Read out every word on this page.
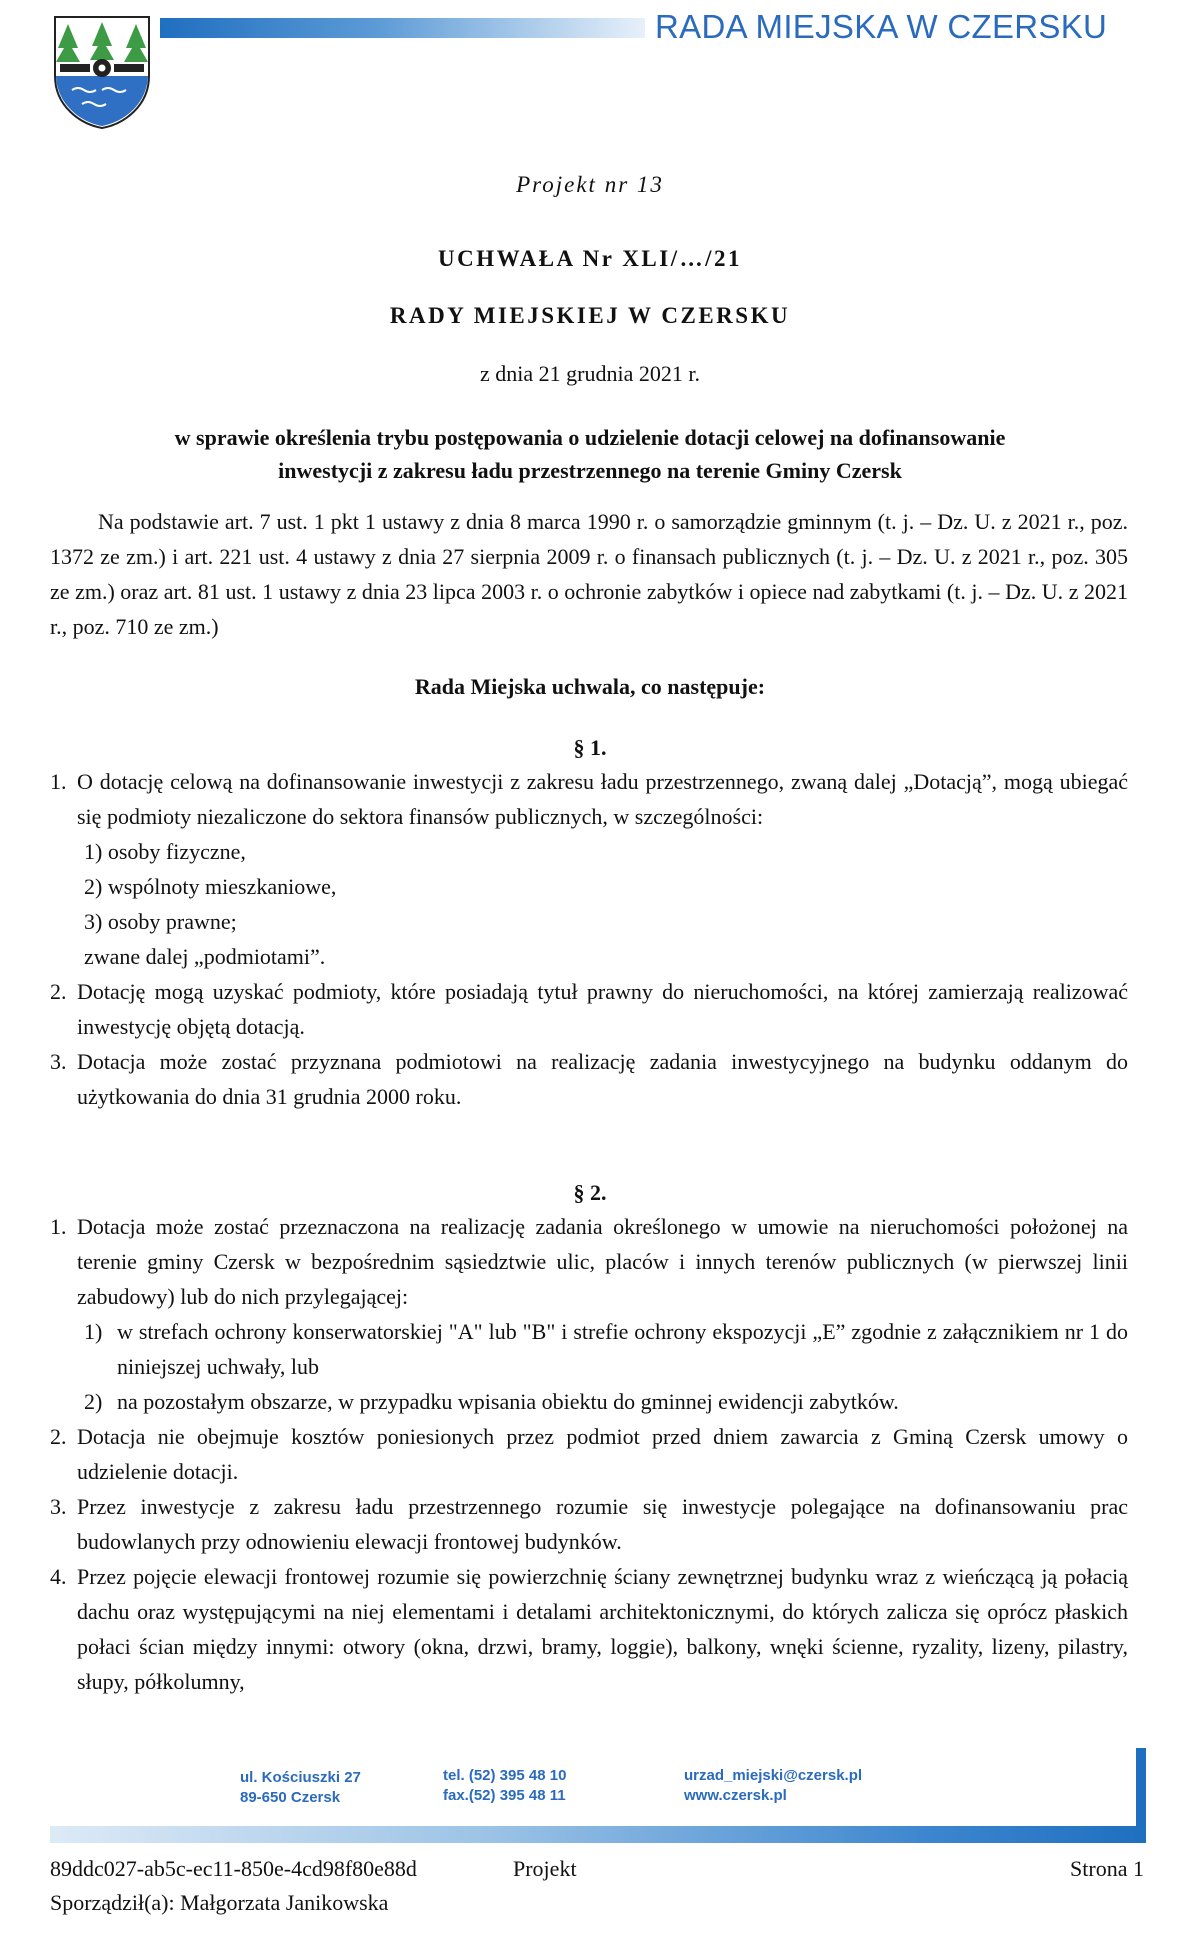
RADA MIEJSKA W CZERSKU
Projekt nr 13
UCHWAŁA Nr XLI/…/21
RADY MIEJSKIEJ W CZERSKU
z dnia 21 grudnia 2021 r.
w sprawie określenia trybu postępowania o udzielenie dotacji celowej na dofinansowanie
inwestycji z zakresu ładu przestrzennego na terenie Gminy Czersk

Na podstawie art. 7 ust. 1 pkt 1 ustawy z dnia 8 marca 1990 r. o samorządzie gminnym (t. j. – Dz. U. z 2021 r., poz. 1372 ze zm.) i art. 221 ust. 4 ustawy z dnia 27 sierpnia 2009 r. o finansach publicznych (t. j. – Dz. U. z 2021 r., poz. 305 ze zm.) oraz art. 81 ust. 1 ustawy z dnia 23 lipca 2003 r. o ochronie zabytków i opiece nad zabytkami (t. j. – Dz. U. z 2021 r., poz. 710 ze zm.)

Rada Miejska uchwala, co następuje:
§ 1.
1. O dotację celową na dofinansowanie inwestycji z zakresu ładu przestrzennego, zwaną dalej „Dotacją”, mogą ubiegać się podmioty niezaliczone do sektora finansów publicznych, w szczególności:
1) osoby fizyczne,
2) wspólnoty mieszkaniowe,
3) osoby prawne;
zwane dalej „podmiotami”.
2. Dotację mogą uzyskać podmioty, które posiadają tytuł prawny do nieruchomości, na której zamierzają realizować inwestycję objętą dotacją.
3. Dotacja może zostać przyznana podmiotowi na realizację zadania inwestycyjnego na budynku oddanym do użytkowania do dnia 31 grudnia 2000 roku.
§ 2.
1. Dotacja może zostać przeznaczona na realizację zadania określonego w umowie na nieruchomości położonej na terenie gminy Czersk w bezpośrednim sąsiedztwie ulic, placów i innych terenów publicznych (w pierwszej linii zabudowy) lub do nich przylegającej:
1) w strefach ochrony konserwatorskiej "A" lub "B" i strefie ochrony ekspozycji „E” zgodnie z załącznikiem nr 1 do niniejszej uchwały, lub
2) na pozostałym obszarze, w przypadku wpisania obiektu do gminnej ewidencji zabytków.
2. Dotacja nie obejmuje kosztów poniesionych przez podmiot przed dniem zawarcia z Gminą Czersk umowy o udzielenie dotacji.
3. Przez inwestycje z zakresu ładu przestrzennego rozumie się inwestycje polegające na dofinansowaniu prac budowlanych przy odnowieniu elewacji frontowej budynków.
4. Przez pojęcie elewacji frontowej rozumie się powierzchnię ściany zewnętrznej budynku wraz z wieńczącą ją połacią dachu oraz występującymi na niej elementami i detalami architektonicznymi, do których zalicza się oprócz płaskich połaci ścian między innymi: otwory (okna, drzwi, bramy, loggie), balkony, wnęki ścienne, ryzality, lizeny, pilastry, słupy, półkolumny,
ul. Kościuszki 27
89-650 Czersk
tel. (52) 395 48 10
fax.(52) 395 48 11
urzad_miejski@czersk.pl
www.czersk.pl
89ddc027-ab5c-ec11-850e-4cd98f80e88d	Projekt	Strona 1
Sporządził(a): Małgorzata Janikowska
